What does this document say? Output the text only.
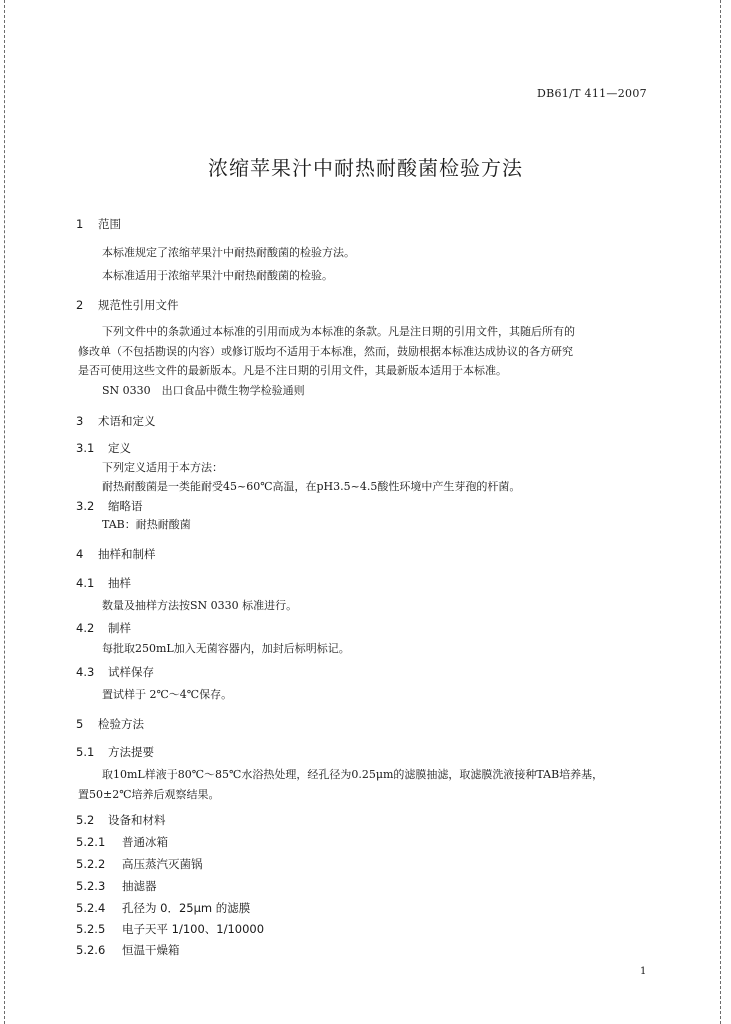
DB61/T 411—2007
浓缩苹果汁中耐热耐酸菌检验方法
1 范围
本标准规定了浓缩苹果汁中耐热耐酸菌的检验方法。
本标准适用于浓缩苹果汁中耐热耐酸菌的检验。
2 规范性引用文件
下列文件中的条款通过本标准的引用而成为本标准的条款。凡是注日期的引用文件，其随后所有的
修改单（不包括勘误的内容）或修订版均不适用于本标准，然而，鼓励根据本标准达成协议的各方研究
是否可使用这些文件的最新版本。凡是不注日期的引用文件，其最新版本适用于本标准。
SN 0330　出口食品中微生物学检验通则
3 术语和定义
3.1 定义
下列定义适用于本方法：
耐热耐酸菌是一类能耐受45~60℃高温，在pH3.5~4.5酸性环境中产生芽孢的杆菌。
3.2 缩略语
TAB：耐热耐酸菌
4 抽样和制样
4.1 抽样
数量及抽样方法按SN 0330 标准进行。
4.2 制样
每批取250mL加入无菌容器内，加封后标明标记。
4.3 试样保存
置试样于 2℃～4℃保存。
5 检验方法
5.1 方法提要
取10mL样液于80℃～85℃水浴热处理，经孔径为0.25μm的滤膜抽滤，取滤膜洗液接种TAB培养基，
置50±2℃培养后观察结果。
5.2 设备和材料
5.2.1 普通冰箱
5.2.2 高压蒸汽灭菌锅
5.2.3 抽滤器
5.2.4 孔径为 0．25μm 的滤膜
5.2.5 电子天平 1/100、1/10000
5.2.6 恒温干燥箱
1
